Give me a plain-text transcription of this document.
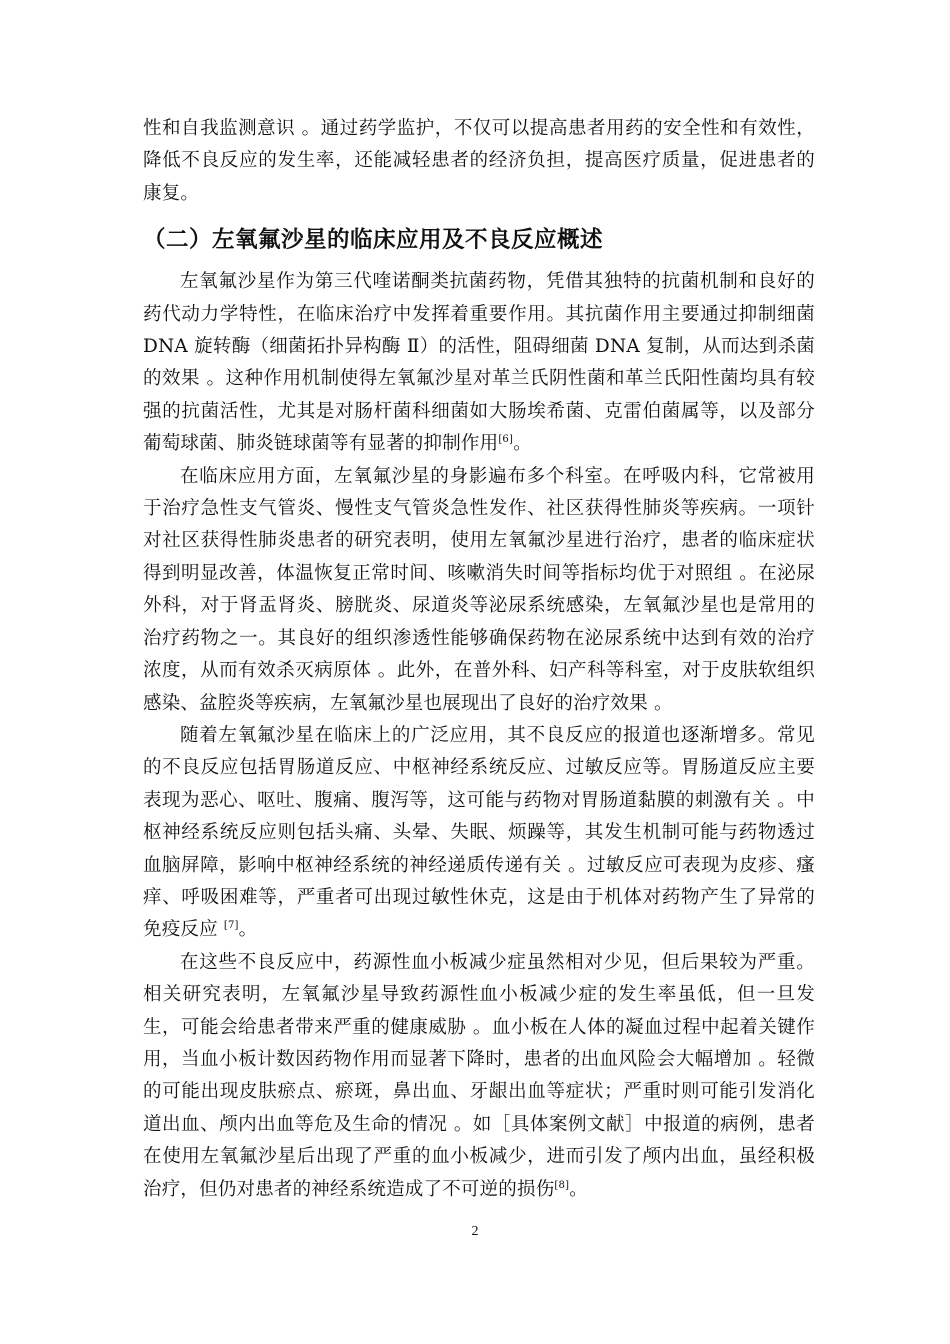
性和自我监测意识 。通过药学监护，不仅可以提高患者用药的安全性和有效性，降低不良反应的发生率，还能减轻患者的经济负担，提高医疗质量，促进患者的康复。

（二）左氧氟沙星的临床应用及不良反应概述

左氧氟沙星作为第三代喹诺酮类抗菌药物，凭借其独特的抗菌机制和良好的药代动力学特性，在临床治疗中发挥着重要作用。其抗菌作用主要通过抑制细菌 DNA 旋转酶（细菌拓扑异构酶 Ⅱ）的活性，阻碍细菌 DNA 复制，从而达到杀菌的效果 。这种作用机制使得左氧氟沙星对革兰氏阴性菌和革兰氏阳性菌均具有较强的抗菌活性，尤其是对肠杆菌科细菌如大肠埃希菌、克雷伯菌属等，以及部分葡萄球菌、肺炎链球菌等有显著的抑制作用[6]。

在临床应用方面，左氧氟沙星的身影遍布多个科室。在呼吸内科，它常被用于治疗急性支气管炎、慢性支气管炎急性发作、社区获得性肺炎等疾病。一项针对社区获得性肺炎患者的研究表明，使用左氧氟沙星进行治疗，患者的临床症状得到明显改善，体温恢复正常时间、咳嗽消失时间等指标均优于对照组 。在泌尿外科，对于肾盂肾炎、膀胱炎、尿道炎等泌尿系统感染，左氧氟沙星也是常用的治疗药物之一。其良好的组织渗透性能够确保药物在泌尿系统中达到有效的治疗浓度，从而有效杀灭病原体 。此外，在普外科、妇产科等科室，对于皮肤软组织感染、盆腔炎等疾病，左氧氟沙星也展现出了良好的治疗效果 。

随着左氧氟沙星在临床上的广泛应用，其不良反应的报道也逐渐增多。常见的不良反应包括胃肠道反应、中枢神经系统反应、过敏反应等。胃肠道反应主要表现为恶心、呕吐、腹痛、腹泻等，这可能与药物对胃肠道黏膜的刺激有关 。中枢神经系统反应则包括头痛、头晕、失眠、烦躁等，其发生机制可能与药物透过血脑屏障，影响中枢神经系统的神经递质传递有关 。过敏反应可表现为皮疹、瘙痒、呼吸困难等，严重者可出现过敏性休克，这是由于机体对药物产生了异常的免疫反应 [7]。

在这些不良反应中，药源性血小板减少症虽然相对少见，但后果较为严重。相关研究表明，左氧氟沙星导致药源性血小板减少症的发生率虽低，但一旦发生，可能会给患者带来严重的健康威胁 。血小板在人体的凝血过程中起着关键作用，当血小板计数因药物作用而显著下降时，患者的出血风险会大幅增加 。轻微的可能出现皮肤瘀点、瘀斑，鼻出血、牙龈出血等症状；严重时则可能引发消化道出血、颅内出血等危及生命的情况 。如［具体案例文献］中报道的病例，患者在使用左氧氟沙星后出现了严重的血小板减少，进而引发了颅内出血，虽经积极治疗，但仍对患者的神经系统造成了不可逆的损伤[8]。

2
